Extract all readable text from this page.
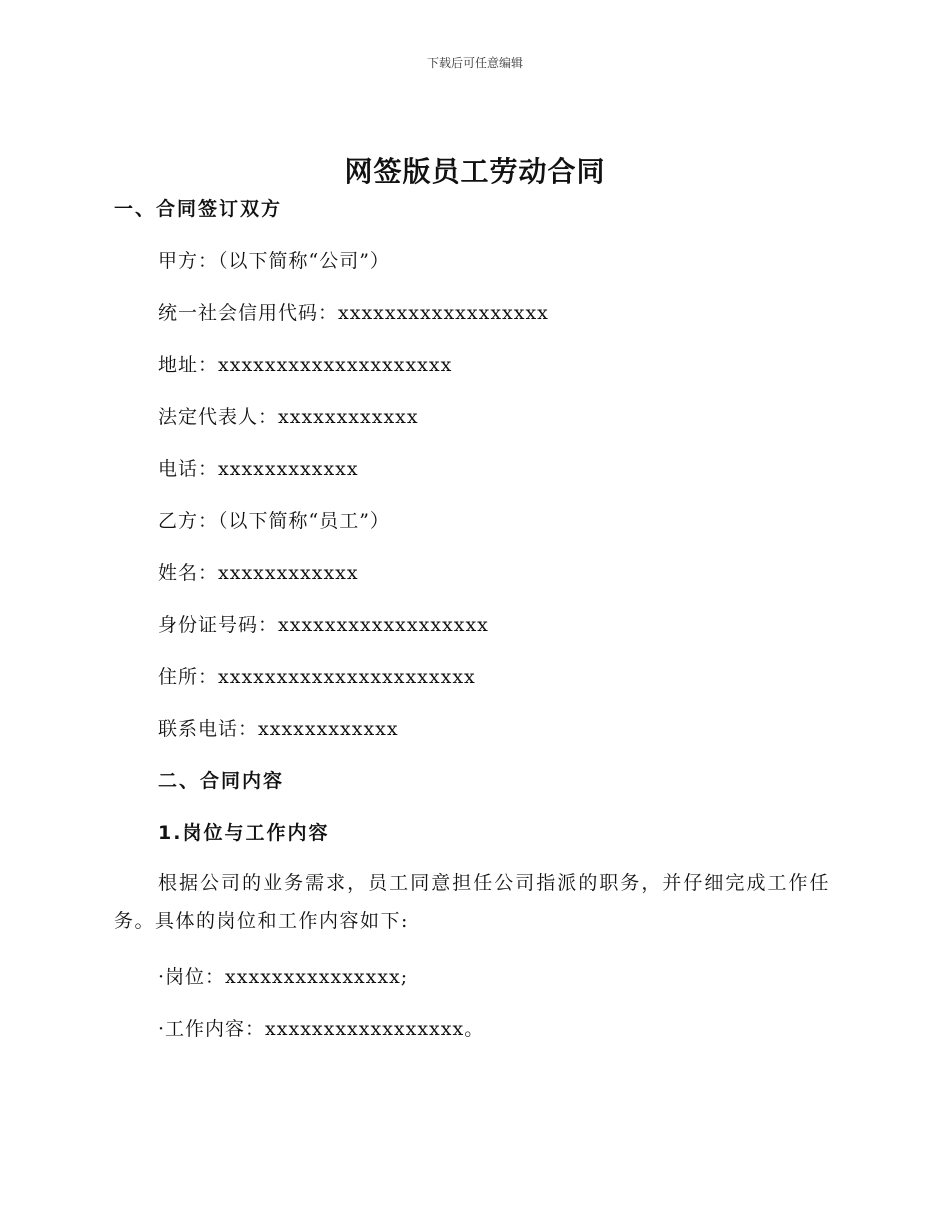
下载后可任意编辑
网签版员工劳动合同
一、合同签订双方
甲方：（以下简称“公司”）
统一社会信用代码：xxxxxxxxxxxxxxxxxx
地址：xxxxxxxxxxxxxxxxxxxx
法定代表人：xxxxxxxxxxxx
电话：xxxxxxxxxxxx
乙方：（以下简称“员工”）
姓名：xxxxxxxxxxxx
身份证号码：xxxxxxxxxxxxxxxxxx
住所：xxxxxxxxxxxxxxxxxxxxxx
联系电话：xxxxxxxxxxxx
二、合同内容
1.岗位与工作内容
根据公司的业务需求，员工同意担任公司指派的职务，并仔细完成工作任务。具体的岗位和工作内容如下:
·岗位：xxxxxxxxxxxxxxx;
·工作内容：xxxxxxxxxxxxxxxxx。
